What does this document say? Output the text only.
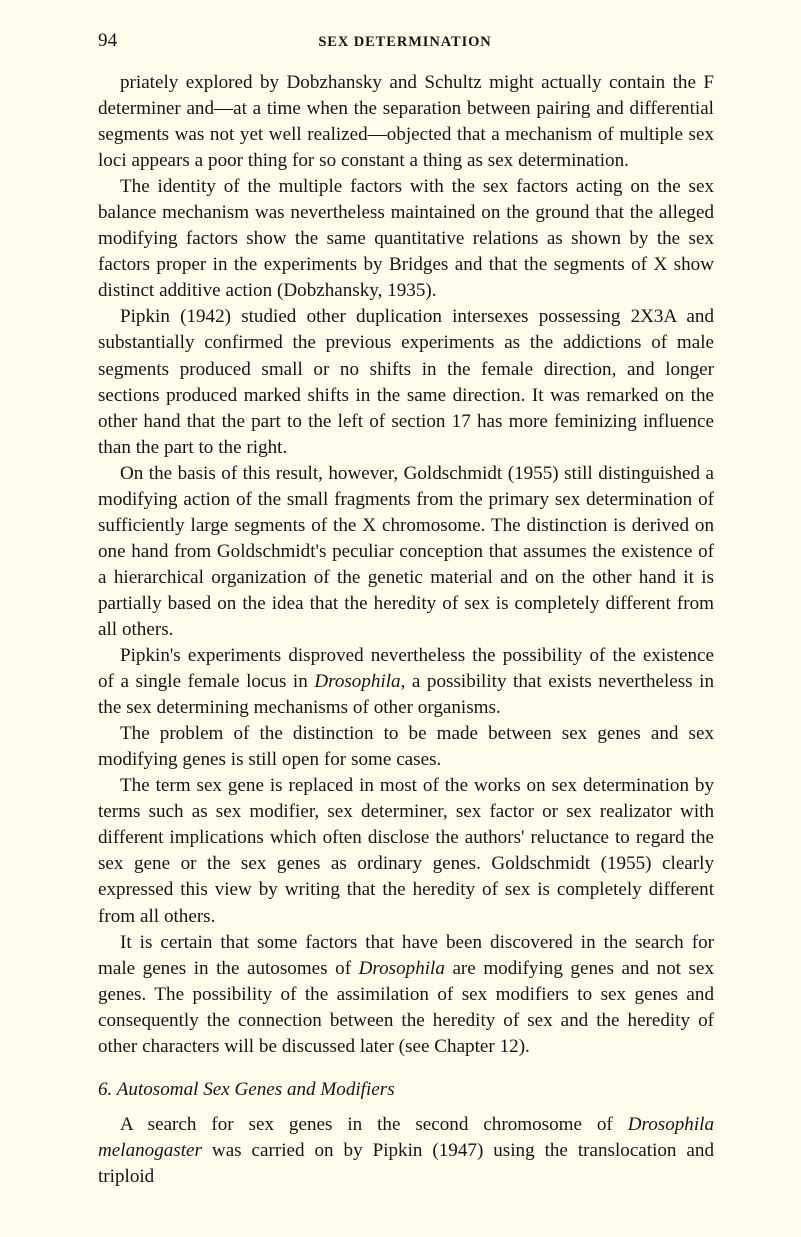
94	SEX DETERMINATION

priately explored by Dobzhansky and Schultz might actually contain the F determiner and—at a time when the separation between pairing and differential segments was not yet well realized—objected that a mechanism of multiple sex loci appears a poor thing for so constant a thing as sex determination.

The identity of the multiple factors with the sex factors acting on the sex balance mechanism was nevertheless maintained on the ground that the alleged modifying factors show the same quantitative relations as shown by the sex factors proper in the experiments by Bridges and that the segments of X show distinct additive action (Dobzhansky, 1935).

Pipkin (1942) studied other duplication intersexes possessing 2X3A and substantially confirmed the previous experiments as the addictions of male segments produced small or no shifts in the female direction, and longer sections produced marked shifts in the same direction. It was remarked on the other hand that the part to the left of section 17 has more feminizing influence than the part to the right.

On the basis of this result, however, Goldschmidt (1955) still distinguished a modifying action of the small fragments from the primary sex determination of sufficiently large segments of the X chromosome. The distinction is derived on one hand from Goldschmidt's peculiar conception that assumes the existence of a hierarchical organization of the genetic material and on the other hand it is partially based on the idea that the heredity of sex is completely different from all others.

Pipkin's experiments disproved nevertheless the possibility of the existence of a single female locus in Drosophila, a possibility that exists nevertheless in the sex determining mechanisms of other organisms.

The problem of the distinction to be made between sex genes and sex modifying genes is still open for some cases.

The term sex gene is replaced in most of the works on sex determination by terms such as sex modifier, sex determiner, sex factor or sex realizator with different implications which often disclose the authors' reluctance to regard the sex gene or the sex genes as ordinary genes. Goldschmidt (1955) clearly expressed this view by writing that the heredity of sex is completely different from all others.

It is certain that some factors that have been discovered in the search for male genes in the autosomes of Drosophila are modifying genes and not sex genes. The possibility of the assimilation of sex modifiers to sex genes and consequently the connection between the heredity of sex and the heredity of other characters will be discussed later (see Chapter 12).

6. Autosomal Sex Genes and Modifiers

A search for sex genes in the second chromosome of Drosophila melanogaster was carried on by Pipkin (1947) using the translocation and triploid
